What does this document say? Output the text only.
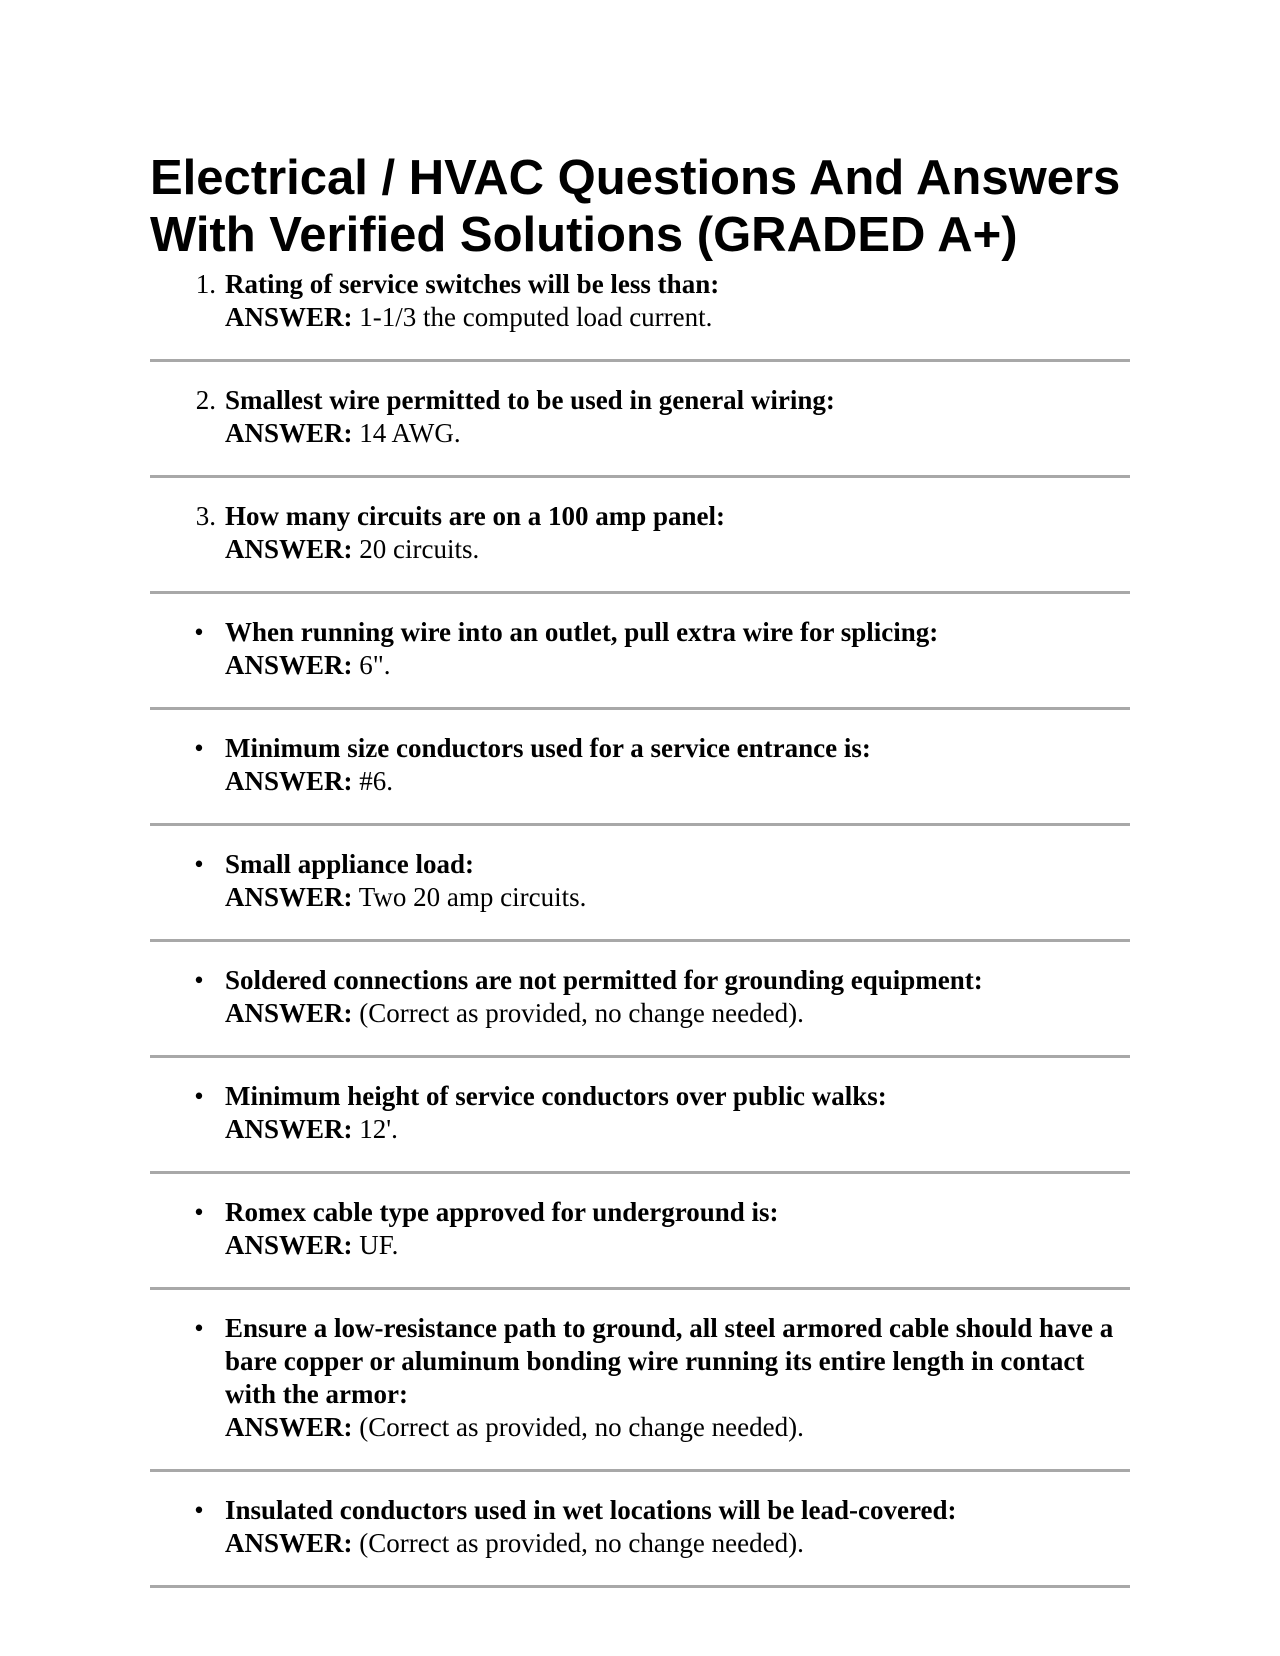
Electrical / HVAC Questions And Answers With Verified Solutions (GRADED A+)
1. Rating of service switches will be less than:
ANSWER: 1-1/3 the computed load current.
2. Smallest wire permitted to be used in general wiring:
ANSWER: 14 AWG.
3. How many circuits are on a 100 amp panel:
ANSWER: 20 circuits.
• When running wire into an outlet, pull extra wire for splicing:
ANSWER: 6".
• Minimum size conductors used for a service entrance is:
ANSWER: #6.
• Small appliance load:
ANSWER: Two 20 amp circuits.
• Soldered connections are not permitted for grounding equipment:
ANSWER: (Correct as provided, no change needed).
• Minimum height of service conductors over public walks:
ANSWER: 12'.
• Romex cable type approved for underground is:
ANSWER: UF.
• Ensure a low-resistance path to ground, all steel armored cable should have a bare copper or aluminum bonding wire running its entire length in contact with the armor:
ANSWER: (Correct as provided, no change needed).
• Insulated conductors used in wet locations will be lead-covered:
ANSWER: (Correct as provided, no change needed).
